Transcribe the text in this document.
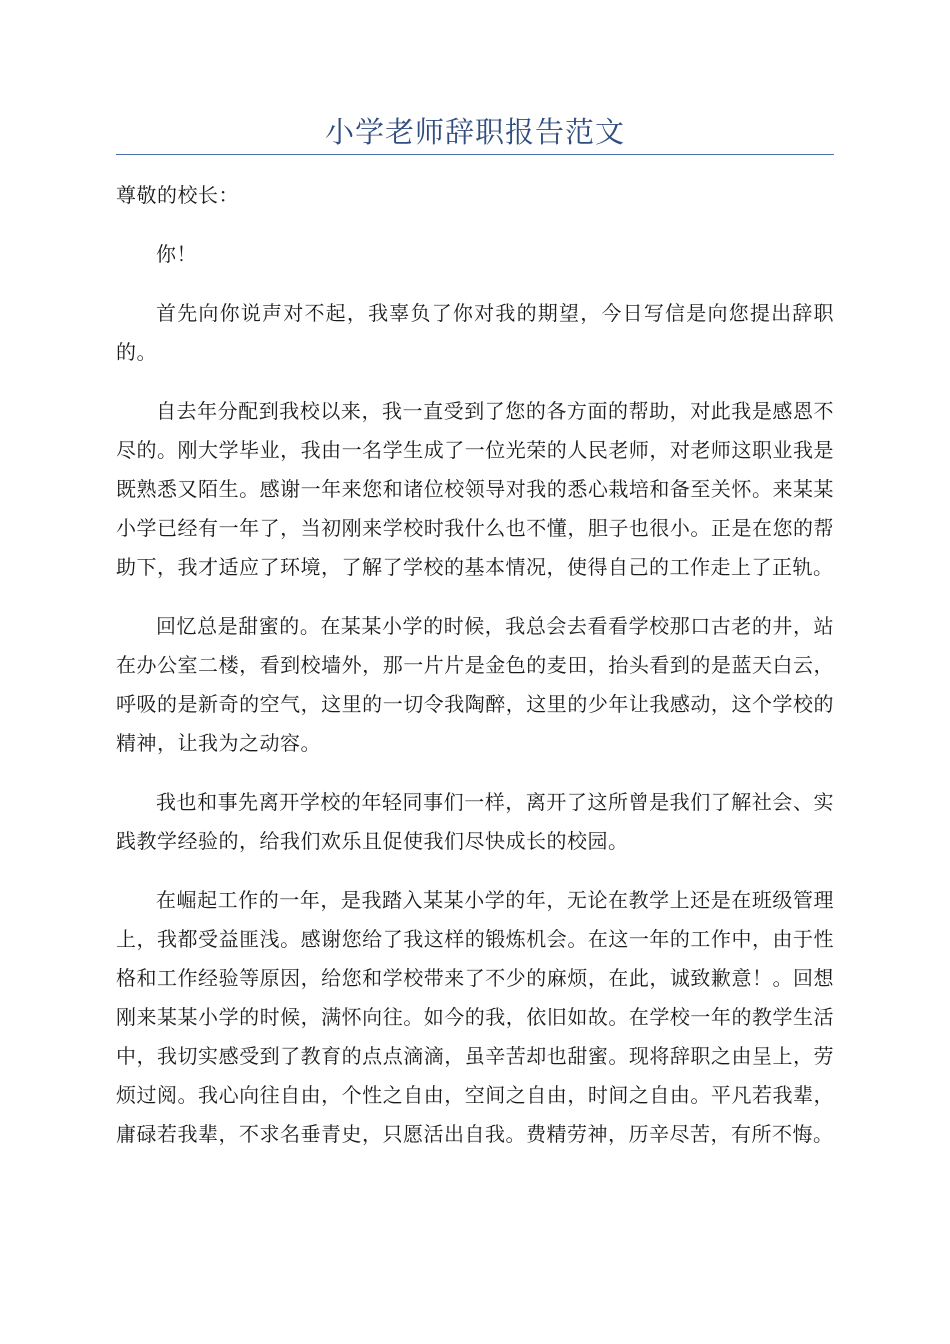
小学老师辞职报告范文

尊敬的校长：

你！

首先向你说声对不起，我辜负了你对我的期望，今日写信是向您提出辞职的。

自去年分配到我校以来，我一直受到了您的各方面的帮助，对此我是感恩不尽的。刚大学毕业，我由一名学生成了一位光荣的人民老师，对老师这职业我是既熟悉又陌生。感谢一年来您和诸位校领导对我的悉心栽培和备至关怀。来某某小学已经有一年了，当初刚来学校时我什么也不懂，胆子也很小。正是在您的帮助下，我才适应了环境，了解了学校的基本情况，使得自己的工作走上了正轨。

回忆总是甜蜜的。在某某小学的时候，我总会去看看学校那口古老的井，站在办公室二楼，看到校墙外，那一片片是金色的麦田，抬头看到的是蓝天白云，呼吸的是新奇的空气，这里的一切令我陶醉，这里的少年让我感动，这个学校的精神，让我为之动容。

我也和事先离开学校的年轻同事们一样，离开了这所曾是我们了解社会、实践教学经验的，给我们欢乐且促使我们尽快成长的校园。

在崛起工作的一年，是我踏入某某小学的年，无论在教学上还是在班级管理上，我都受益匪浅。感谢您给了我这样的锻炼机会。在这一年的工作中，由于性格和工作经验等原因，给您和学校带来了不少的麻烦，在此，诚致歉意！。回想刚来某某小学的时候，满怀向往。如今的我，依旧如故。在学校一年的教学生活中，我切实感受到了教育的点点滴滴，虽辛苦却也甜蜜。现将辞职之由呈上，劳烦过阅。我心向往自由，个性之自由，空间之自由，时间之自由。平凡若我辈，庸碌若我辈，不求名垂青史，只愿活出自我。费精劳神，历辛尽苦，有所不悔。
